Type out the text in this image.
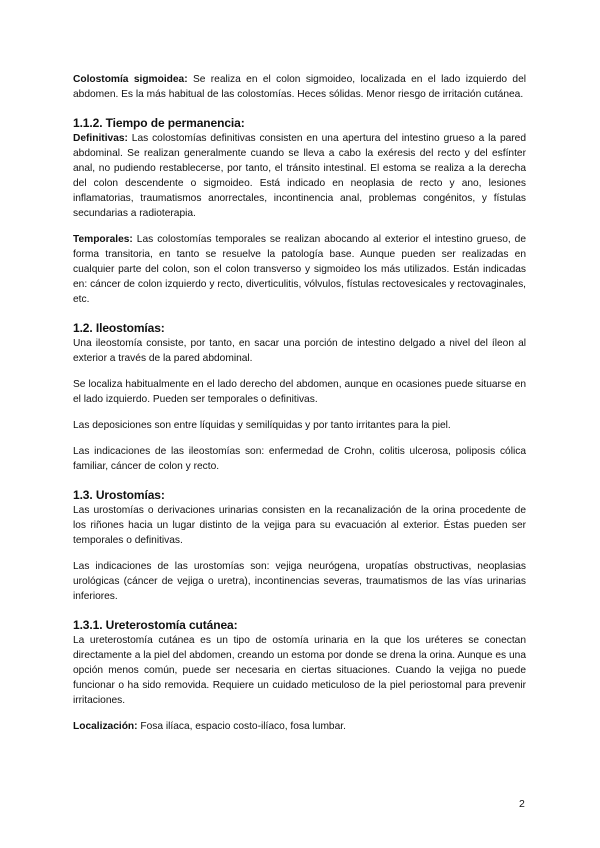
Colostomía sigmoidea: Se realiza en el colon sigmoideo, localizada en el lado izquierdo del abdomen. Es la más habitual de las colostomías. Heces sólidas. Menor riesgo de irritación cutánea.

1.1.2. Tiempo de permanencia:

Definitivas: Las colostomías definitivas consisten en una apertura del intestino grueso a la pared abdominal. Se realizan generalmente cuando se lleva a cabo la exéresis del recto y del esfínter anal, no pudiendo restablecerse, por tanto, el tránsito intestinal. El estoma se realiza a la derecha del colon descendente o sigmoideo. Está indicado en neoplasia de recto y ano, lesiones inflamatorias, traumatismos anorrectales, incontinencia anal, problemas congénitos, y fístulas secundarias a radioterapia.

Temporales: Las colostomías temporales se realizan abocando al exterior el intestino grueso, de forma transitoria, en tanto se resuelve la patología base. Aunque pueden ser realizadas en cualquier parte del colon, son el colon transverso y sigmoideo los más utilizados. Están indicadas en: cáncer de colon izquierdo y recto, diverticulitis, vólvulos, fístulas rectovesicales y rectovaginales, etc.

1.2. Ileostomías:

Una ileostomía consiste, por tanto, en sacar una porción de intestino delgado a nivel del íleon al exterior a través de la pared abdominal.

Se localiza habitualmente en el lado derecho del abdomen, aunque en ocasiones puede situarse en el lado izquierdo. Pueden ser temporales o definitivas.

Las deposiciones son entre líquidas y semilíquidas y por tanto irritantes para la piel.

Las indicaciones de las ileostomías son: enfermedad de Crohn, colitis ulcerosa, poliposis cólica familiar, cáncer de colon y recto.

1.3. Urostomías:

Las urostomías o derivaciones urinarias consisten en la recanalización de la orina procedente de los riñones hacia un lugar distinto de la vejiga para su evacuación al exterior. Éstas pueden ser temporales o definitivas.

Las indicaciones de las urostomías son: vejiga neurógena, uropatías obstructivas, neoplasias urológicas (cáncer de vejiga o uretra), incontinencias severas, traumatismos de las vías urinarias inferiores.

1.3.1. Ureterostomía cutánea:

La ureterostomía cutánea es un tipo de ostomía urinaria en la que los uréteres se conectan directamente a la piel del abdomen, creando un estoma por donde se drena la orina. Aunque es una opción menos común, puede ser necesaria en ciertas situaciones. Cuando la vejiga no puede funcionar o ha sido removida. Requiere un cuidado meticuloso de la piel periostomal para prevenir irritaciones.

Localización: Fosa ilíaca, espacio costo-ilíaco, fosa lumbar.

2
